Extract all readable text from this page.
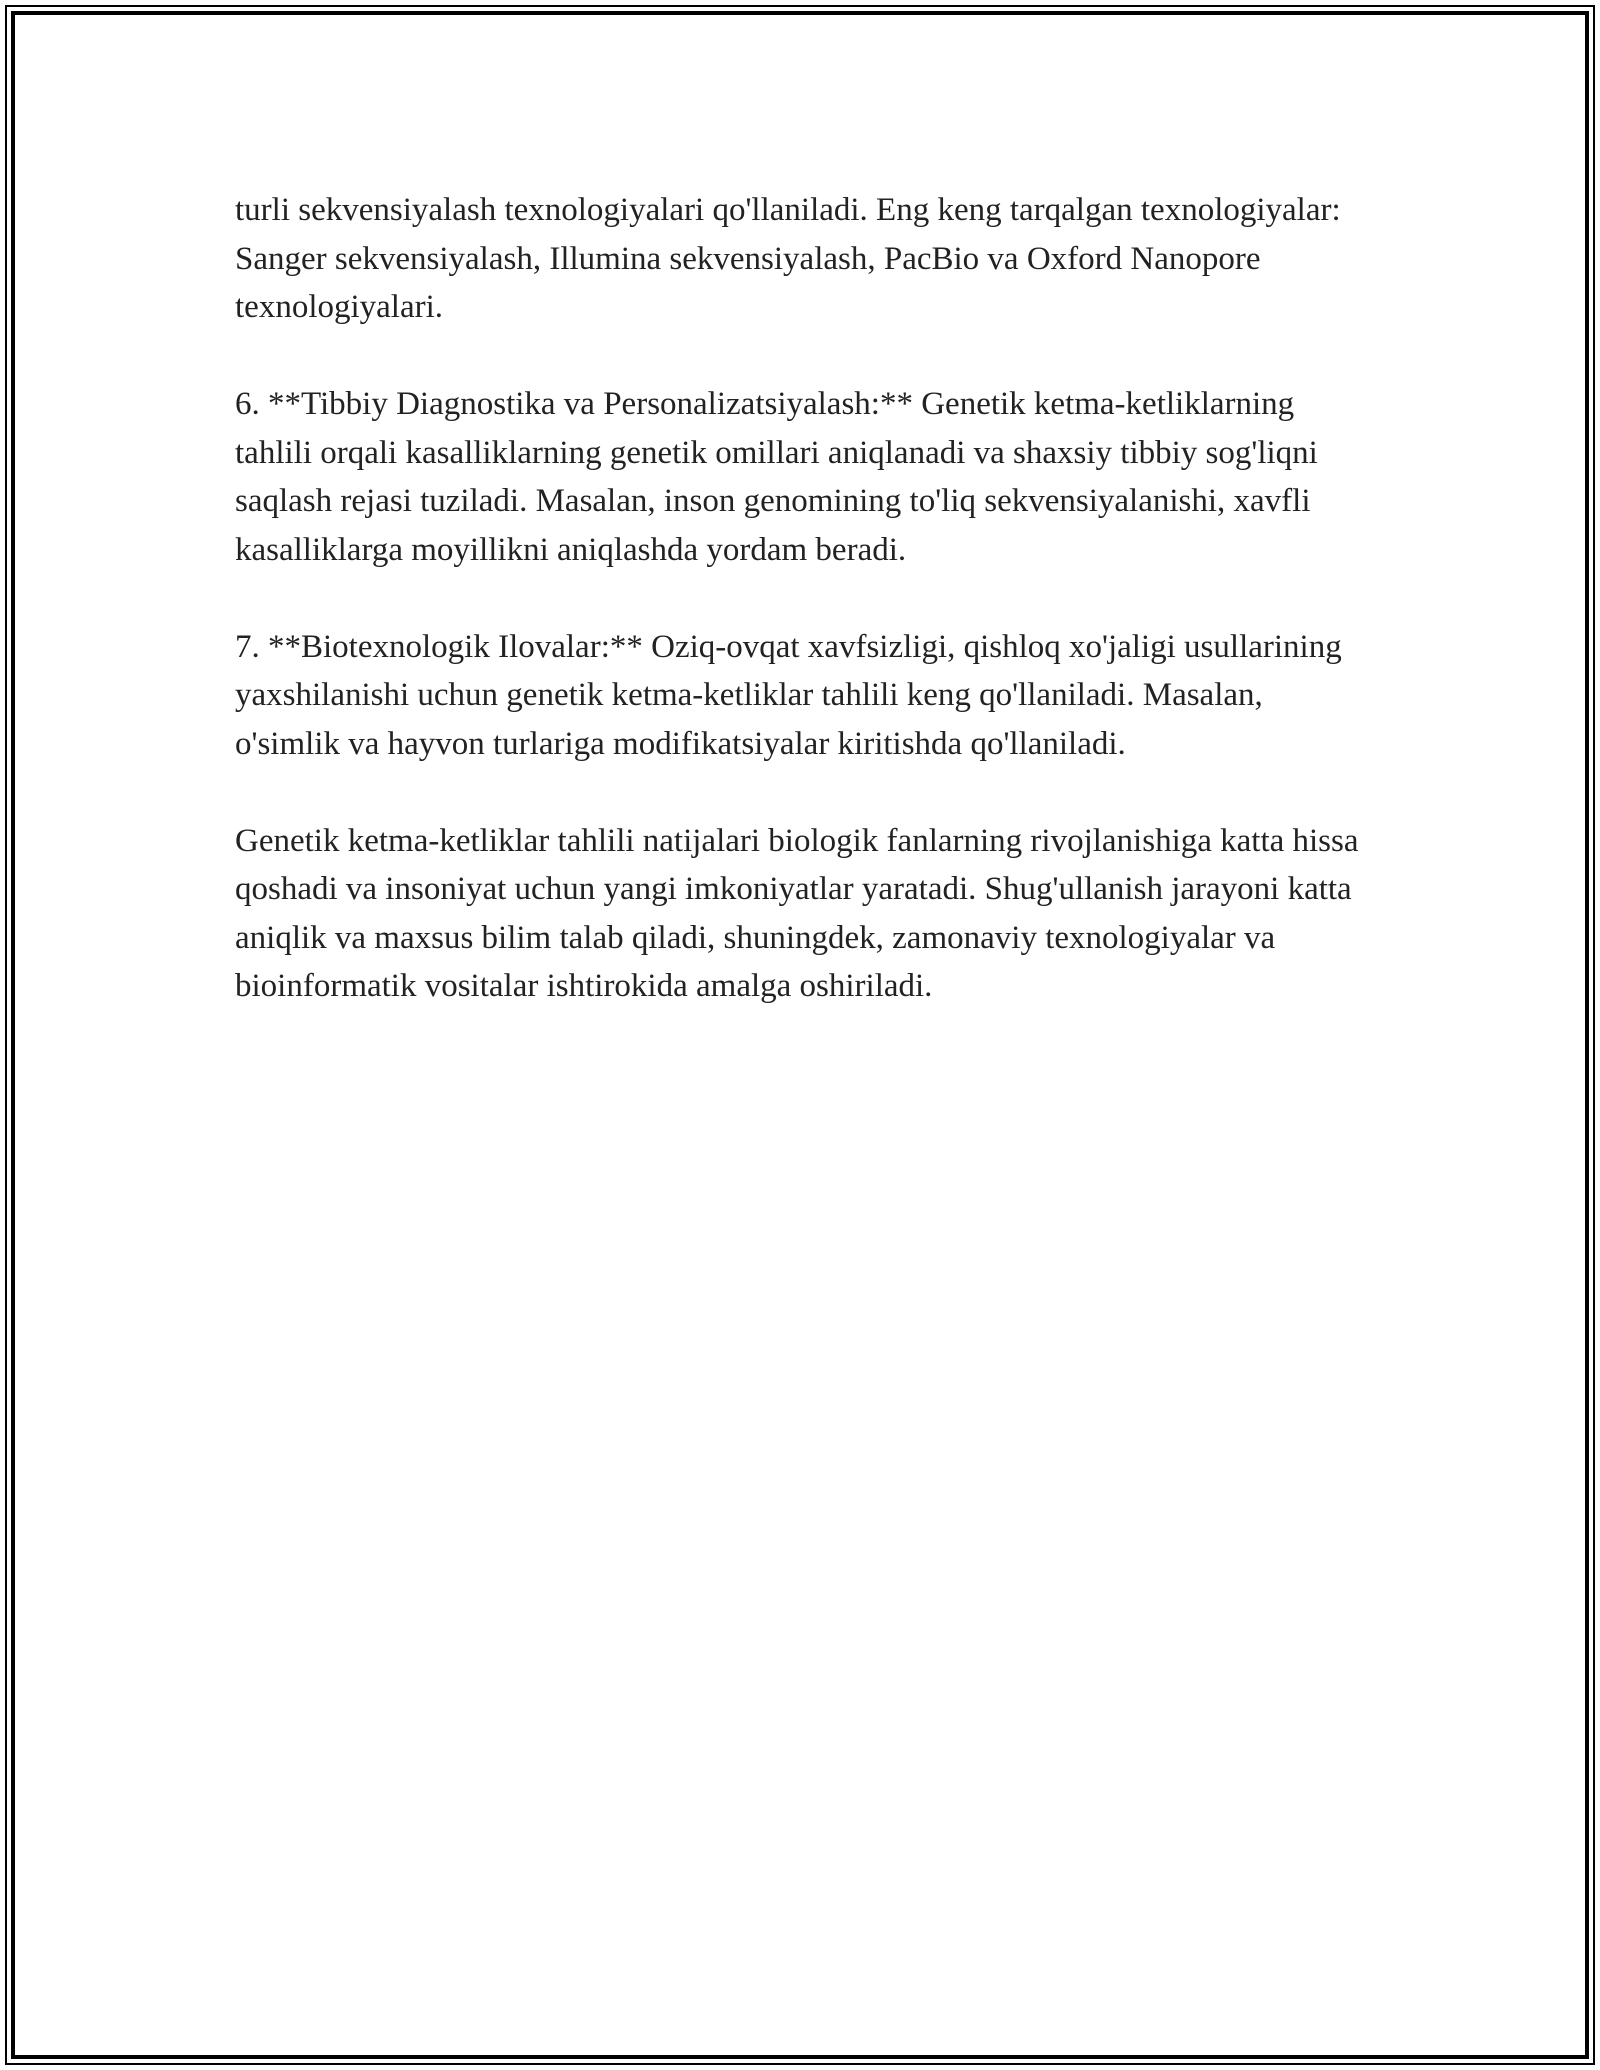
turli sekvensiyalash texnologiyalari qo'llaniladi. Eng keng tarqalgan texnologiyalar: Sanger sekvensiyalash, Illumina sekvensiyalash, PacBio va Oxford Nanopore texnologiyalari.

6. **Tibbiy Diagnostika va Personalizatsiyalash:** Genetik ketma-ketliklarning tahlili orqali kasalliklarning genetik omillari aniqlanadi va shaxsiy tibbiy sog'liqni saqlash rejasi tuziladi. Masalan, inson genomining to'liq sekvensiyalanishi, xavfli kasalliklarga moyillikni aniqlashda yordam beradi.

7. **Biotexnologik Ilovalar:** Oziq-ovqat xavfsizligi, qishloq xo'jaligi usullarining yaxshilanishi uchun genetik ketma-ketliklar tahlili keng qo'llaniladi. Masalan, o'simlik va hayvon turlariga modifikatsiyalar kiritishda qo'llaniladi.

Genetik ketma-ketliklar tahlili natijalari biologik fanlarning rivojlanishiga katta hissa qoshadi va insoniyat uchun yangi imkoniyatlar yaratadi. Shug'ullanish jarayoni katta aniqlik va maxsus bilim talab qiladi, shuningdek, zamonaviy texnologiyalar va bioinformatik vositalar ishtirokida amalga oshiriladi.
